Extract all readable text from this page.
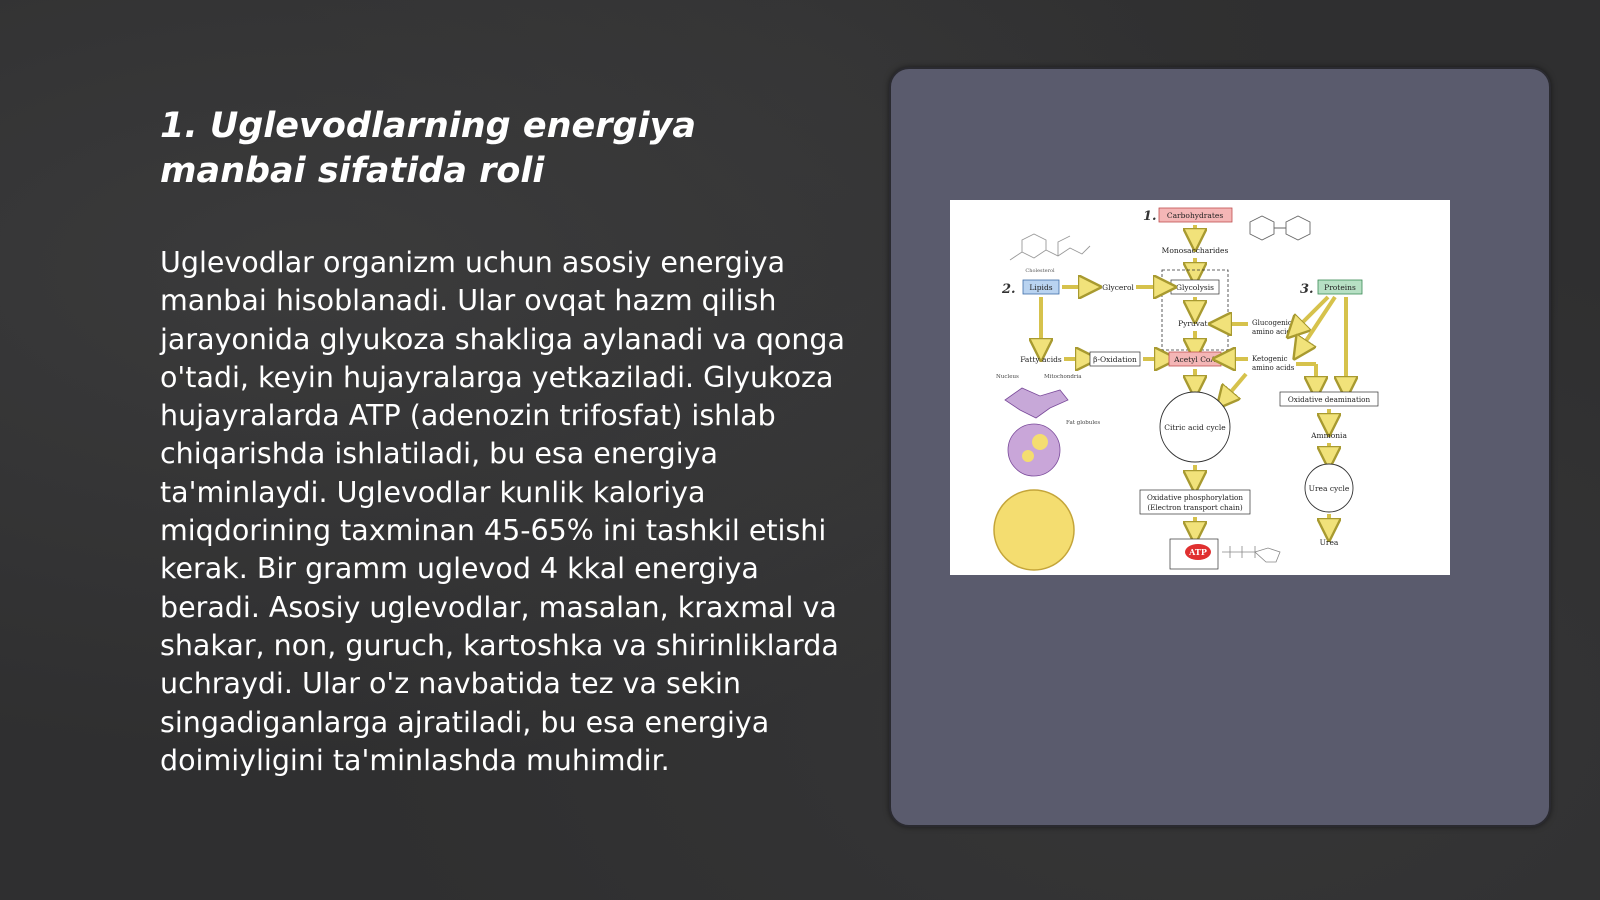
1. Uglevodlarning energiya manbai sifatida roli

Uglevodlar organizm uchun asosiy energiya manbai hisoblanadi. Ular ovqat hazm qilish jarayonida glyukoza shakliga aylanadi va qonga o'tadi, keyin hujayralarga yetkaziladi. Glyukoza hujayralarda ATP (adenozin trifosfat) ishlab chiqarishda ishlatiladi, bu esa energiya ta'minlaydi. Uglevodlar kunlik kaloriya miqdorining taxminan 45-65% ini tashkil etishi kerak. Bir gramm uglevod 4 kkal energiya beradi. Asosiy uglevodlar, masalan, kraxmal va shakar, non, guruch, kartoshka va shirinliklarda uchraydi. Ular o'z navbatida tez va sekin singadiganlarga ajratiladi, bu esa energiya doimiyligini ta'minlashda muhimdir.

1.
2.	3.
Carbohydrates
Monosaccharides
Glycolysis
Pyruvate
Lipids	Glycerol
Fatty acids	β-Oxidation	Acetyl CoA
Proteins
Glucogenic
amino acids
Ketogenic
amino acids
Citric acid cycle
Oxidative phosphorylation
(Electron transport chain)
ATP
Oxidative deamination
Ammonia
Urea cycle
Urea
Cholesterol
Nucleus	Mitochondria
Fat globules
